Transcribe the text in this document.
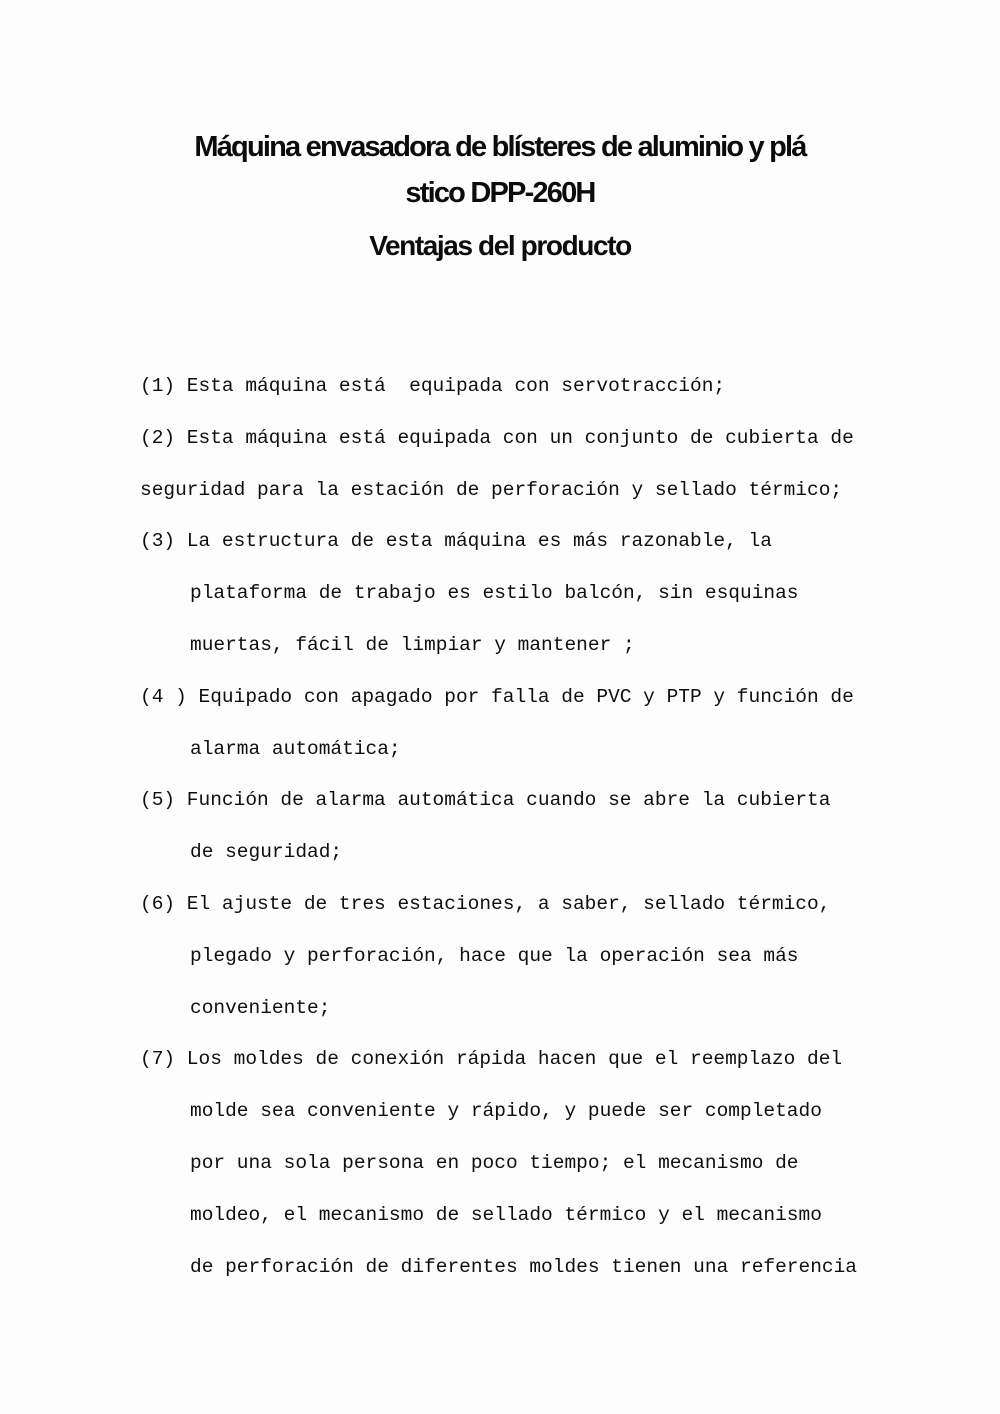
Máquina envasadora de blísteres de aluminio y plá
stico DPP-260H
Ventajas del producto
(1) Esta máquina está  equipada con servotracción;
(2) Esta máquina está equipada con un conjunto de cubierta de
seguridad para la estación de perforación y sellado térmico;
(3) La estructura de esta máquina es más razonable, la
plataforma de trabajo es estilo balcón, sin esquinas
muertas, fácil de limpiar y mantener ;
(4 ) Equipado con apagado por falla de PVC y PTP y función de
alarma automática;
(5) Función de alarma automática cuando se abre la cubierta
de seguridad;
(6) El ajuste de tres estaciones, a saber, sellado térmico,
plegado y perforación, hace que la operación sea más
conveniente;
(7) Los moldes de conexión rápida hacen que el reemplazo del
molde sea conveniente y rápido, y puede ser completado
por una sola persona en poco tiempo; el mecanismo de
moldeo, el mecanismo de sellado térmico y el mecanismo
de perforación de diferentes moldes tienen una referencia
